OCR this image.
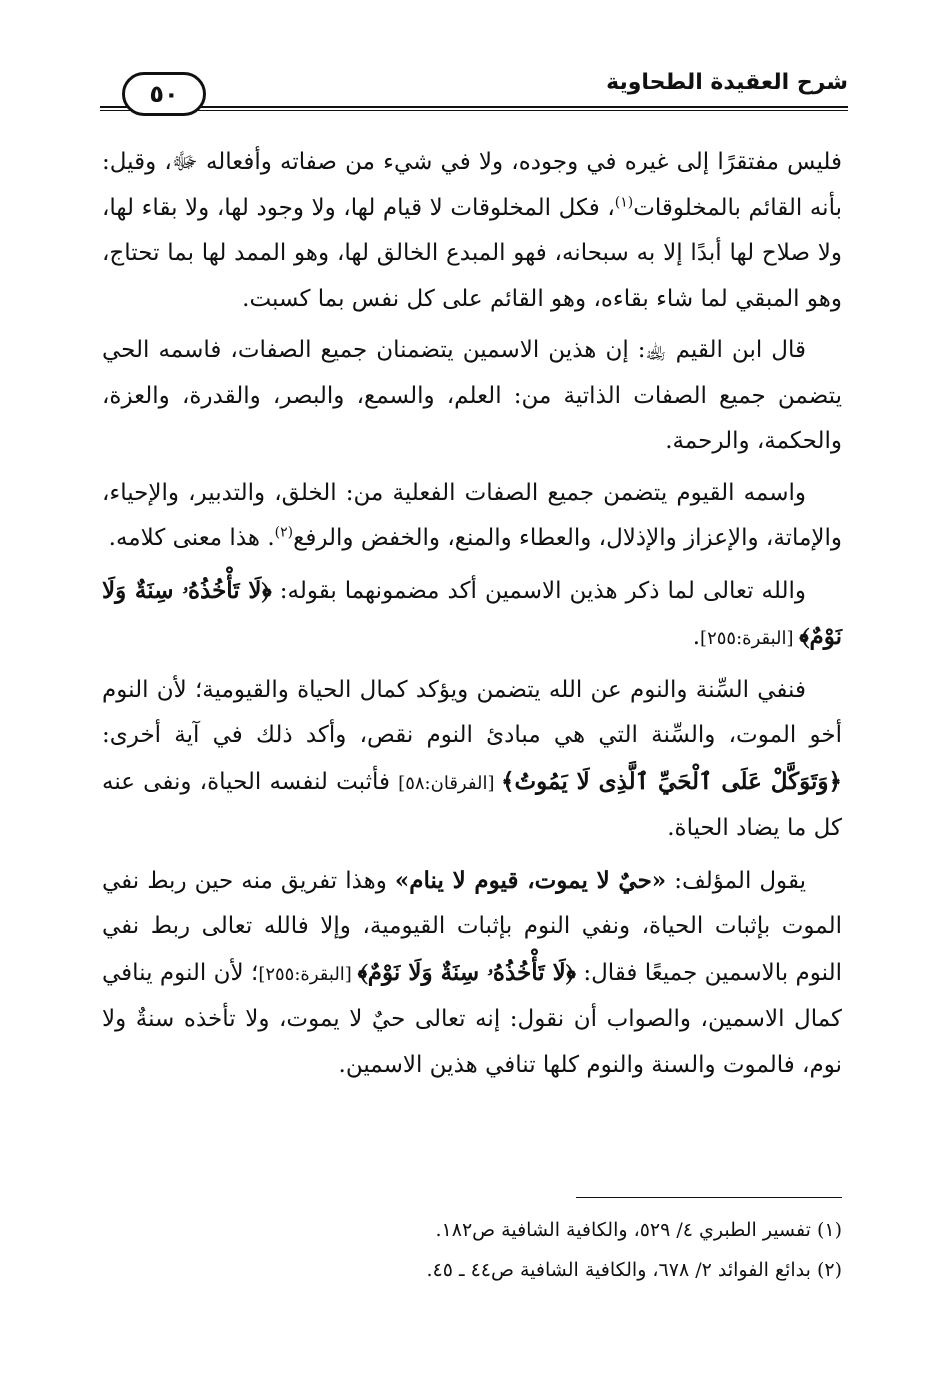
شرح العقيدة الطحاوية
٥٠

فليس مفتقرًا إلى غيره في وجوده، ولا في شيء من صفاته وأفعاله ﷻ، وقيل: بأنه القائم بالمخلوقات$^{(١)}$، فكل المخلوقات لا قيام لها، ولا وجود لها، ولا بقاء لها، ولا صلاح لها أبدًا إلا به سبحانه، فهو المبدع الخالق لها، وهو الممد لها بما تحتاج، وهو المبقي لما شاء بقاءه، وهو القائم على كل نفس بما كسبت.

قال ابن القيم ﵀: إن هذين الاسمين يتضمنان جميع الصفات، فاسمه الحي يتضمن جميع الصفات الذاتية من: العلم، والسمع، والبصر، والقدرة، والعزة، والحكمة، والرحمة.

واسمه القيوم يتضمن جميع الصفات الفعلية من: الخلق، والتدبير، والإحياء، والإماتة، والإعزاز والإذلال، والعطاء والمنع، والخفض والرفع$^{(٢)}$. هذا معنى كلامه.

والله تعالى لما ذكر هذين الاسمين أكد مضمونهما بقوله: ﴿لَا تَأْخُذُهُۥ سِنَةٌ وَلَا نَوْمٌ﴾ [البقرة:٢٥٥].

فنفي السِّنة والنوم عن الله يتضمن ويؤكد كمال الحياة والقيومية؛ لأن النوم أخو الموت، والسِّنة التي هي مبادئ النوم نقص، وأكد ذلك في آية أخرى: ﴿وَتَوَكَّلْ عَلَى ٱلْحَيِّ ٱلَّذِى لَا يَمُوتُ﴾ [الفرقان:٥٨] فأثبت لنفسه الحياة، ونفى عنه كل ما يضاد الحياة.

يقول المؤلف: «حيٌ لا يموت، قيوم لا ينام» وهذا تفريق منه حين ربط نفي الموت بإثبات الحياة، ونفي النوم بإثبات القيومية، وإلا فالله تعالى ربط نفي النوم بالاسمين جميعًا فقال: ﴿لَا تَأْخُذُهُۥ سِنَةٌ وَلَا نَوْمٌ﴾ [البقرة:٢٥٥]؛ لأن النوم ينافي كمال الاسمين، والصواب أن نقول: إنه تعالى حيٌ لا يموت، ولا تأخذه سنةٌ ولا نوم، فالموت والسنة والنوم كلها تنافي هذين الاسمين.

(١) تفسير الطبري ٤/ ٥٢٩، والكافية الشافية ص١٨٢.

(٢) بدائع الفوائد ٢/ ٦٧٨، والكافية الشافية ص٤٤ ـ ٤٥.
